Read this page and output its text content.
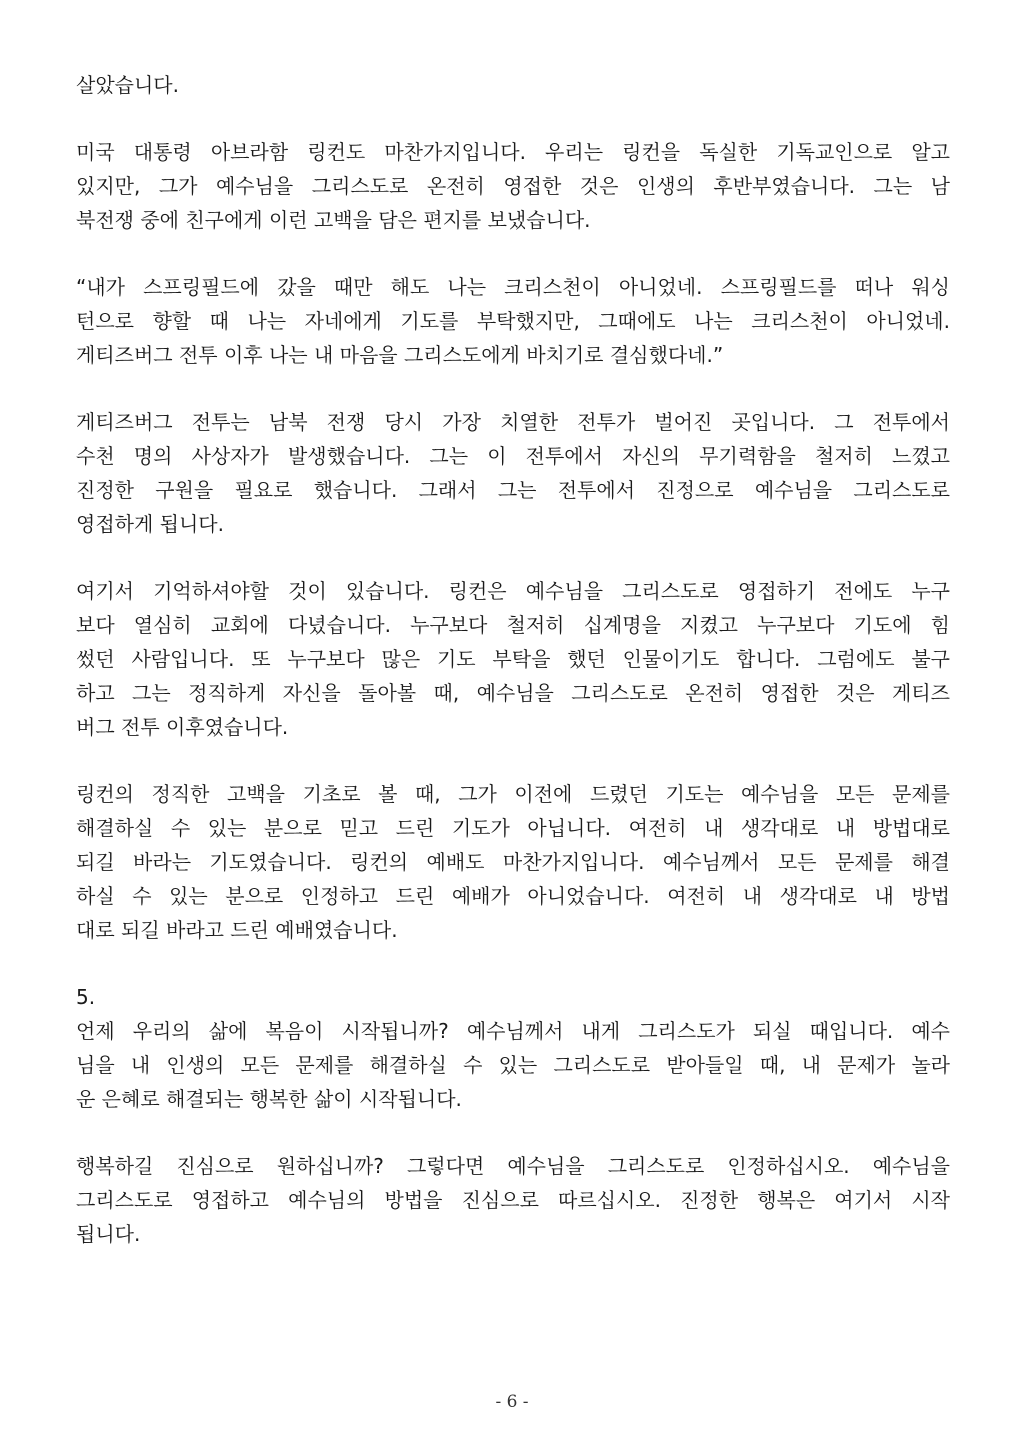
살았습니다.
미국 대통령 아브라함 링컨도 마찬가지입니다. 우리는 링컨을 독실한 기독교인으로 알고
있지만, 그가 예수님을 그리스도로 온전히 영접한 것은 인생의 후반부였습니다. 그는 남
북전쟁 중에 친구에게 이런 고백을 담은 편지를 보냈습니다.
“내가 스프링필드에 갔을 때만 해도 나는 크리스천이 아니었네. 스프링필드를 떠나 워싱
턴으로 향할 때 나는 자네에게 기도를 부탁했지만, 그때에도 나는 크리스천이 아니었네.
게티즈버그 전투 이후 나는 내 마음을 그리스도에게 바치기로 결심했다네.”
게티즈버그 전투는 남북 전쟁 당시 가장 치열한 전투가 벌어진 곳입니다. 그 전투에서
수천 명의 사상자가 발생했습니다. 그는 이 전투에서 자신의 무기력함을 철저히 느꼈고
진정한 구원을 필요로 했습니다. 그래서 그는 전투에서 진정으로 예수님을 그리스도로
영접하게 됩니다.
여기서 기억하셔야할 것이 있습니다. 링컨은 예수님을 그리스도로 영접하기 전에도 누구
보다 열심히 교회에 다녔습니다. 누구보다 철저히 십계명을 지켰고 누구보다 기도에 힘
썼던 사람입니다. 또 누구보다 많은 기도 부탁을 했던 인물이기도 합니다. 그럼에도 불구
하고 그는 정직하게 자신을 돌아볼 때, 예수님을 그리스도로 온전히 영접한 것은 게티즈
버그 전투 이후였습니다.
링컨의 정직한 고백을 기초로 볼 때, 그가 이전에 드렸던 기도는 예수님을 모든 문제를
해결하실 수 있는 분으로 믿고 드린 기도가 아닙니다. 여전히 내 생각대로 내 방법대로
되길 바라는 기도였습니다. 링컨의 예배도 마찬가지입니다. 예수님께서 모든 문제를 해결
하실 수 있는 분으로 인정하고 드린 예배가 아니었습니다. 여전히 내 생각대로 내 방법
대로 되길 바라고 드린 예배였습니다.
5.
언제 우리의 삶에 복음이 시작됩니까? 예수님께서 내게 그리스도가 되실 때입니다. 예수
님을 내 인생의 모든 문제를 해결하실 수 있는 그리스도로 받아들일 때, 내 문제가 놀라
운 은혜로 해결되는 행복한 삶이 시작됩니다.
행복하길 진심으로 원하십니까? 그렇다면 예수님을 그리스도로 인정하십시오. 예수님을
그리스도로 영접하고 예수님의 방법을 진심으로 따르십시오. 진정한 행복은 여기서 시작
됩니다.
- 6 -
